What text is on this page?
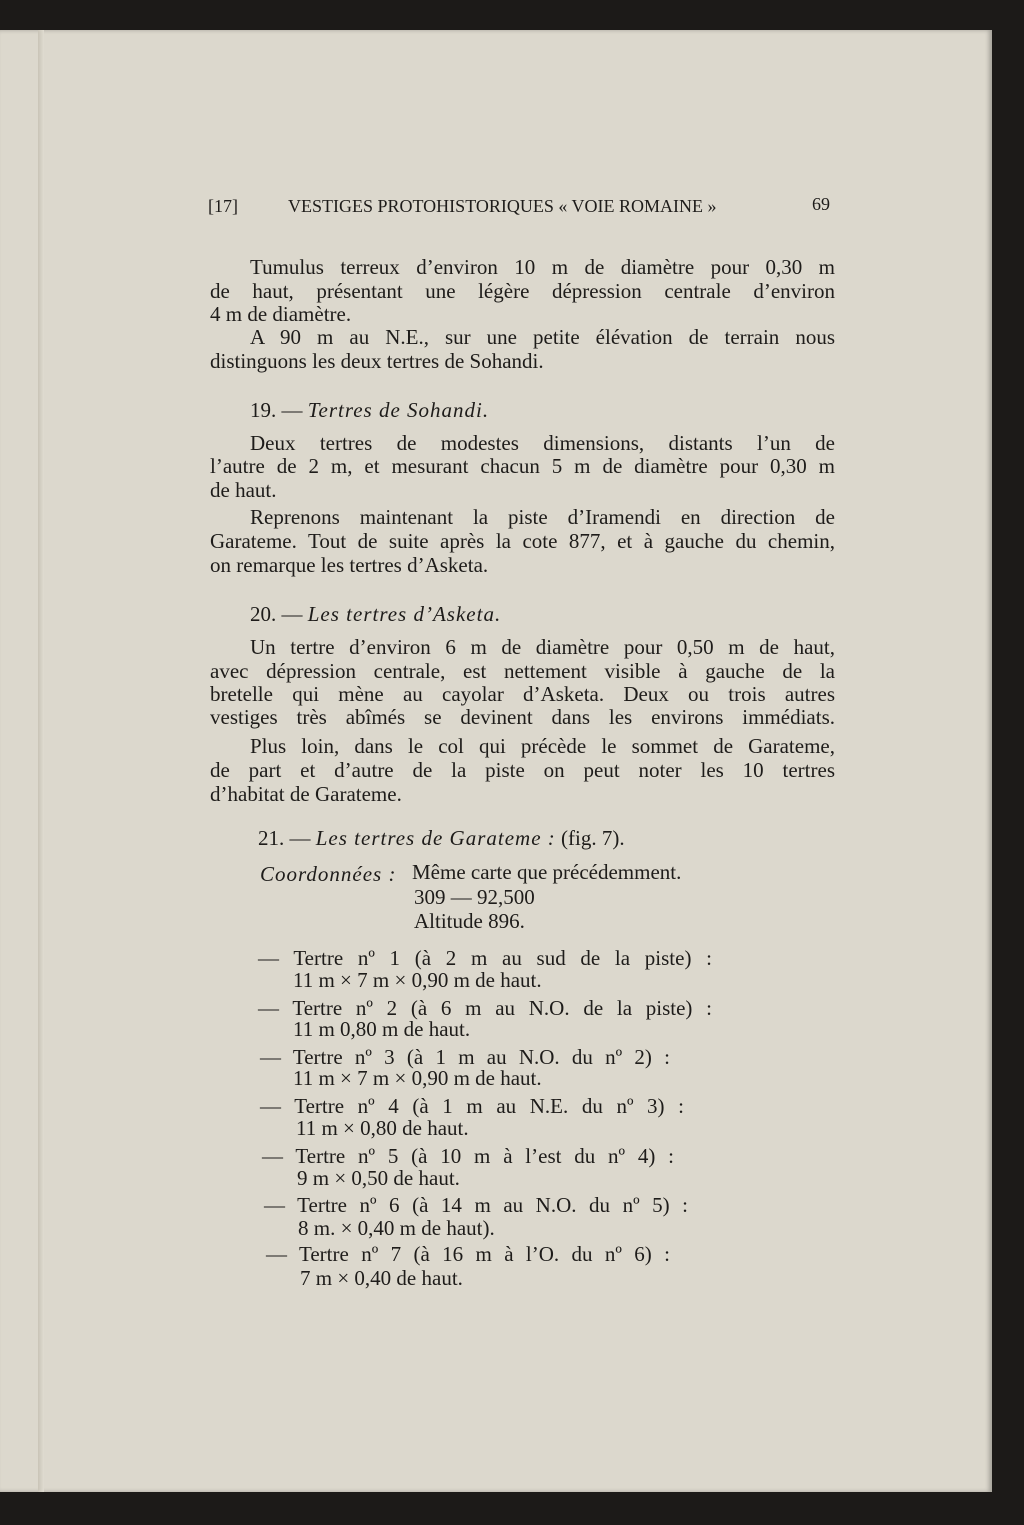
[17]	VESTIGES PROTOHISTORIQUES « VOIE ROMAINE »	69
Tumulus terreux d’environ 10 m de diamètre pour 0,30 m
de haut, présentant une légère dépression centrale d’environ
4 m de diamètre.
A 90 m au N.E., sur une petite élévation de terrain nous
distinguons les deux tertres de Sohandi.
19. — Tertres de Sohandi.
Deux tertres de modestes dimensions, distants l’un de
l’autre de 2 m, et mesurant chacun 5 m de diamètre pour 0,30 m
de haut.
Reprenons maintenant la piste d’Iramendi en direction de
Garateme. Tout de suite après la cote 877, et à gauche du chemin,
on remarque les tertres d’Asketa.
20. — Les tertres d’Asketa.
Un tertre d’environ 6 m de diamètre pour 0,50 m de haut,
avec dépression centrale, est nettement visible à gauche de la
bretelle qui mène au cayolar d’Asketa. Deux ou trois autres
vestiges très abîmés se devinent dans les environs immédiats.
Plus loin, dans le col qui précède le sommet de Garateme,
de part et d’autre de la piste on peut noter les 10 tertres
d’habitat de Garateme.
21. — Les tertres de Garateme : (fig. 7).
Coordonnées : Même carte que précédemment.
309 — 92,500
Altitude 896.
— Tertre nº 1 (à 2 m au sud de la piste) :
11 m × 7 m × 0,90 m de haut.
— Tertre nº 2 (à 6 m au N.O. de la piste) :
11 m 0,80 m de haut.
— Tertre nº 3 (à 1 m au N.O. du nº 2) :
11 m × 7 m × 0,90 m de haut.
— Tertre nº 4 (à 1 m au N.E. du nº 3) :
11 m × 0,80 de haut.
— Tertre nº 5 (à 10 m à l’est du nº 4) :
9 m × 0,50 de haut.
— Tertre nº 6 (à 14 m au N.O. du nº 5) :
8 m. × 0,40 m de haut).
— Tertre nº 7 (à 16 m à l’O. du nº 6) :
7 m × 0,40 de haut.
